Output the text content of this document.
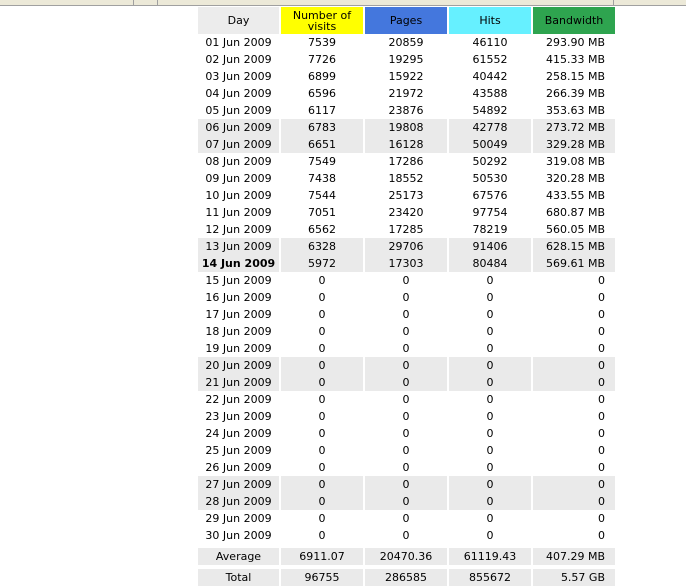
Day	Number of visits	Pages	Hits	Bandwidth
01 Jun 2009	7539	20859	46110	293.90 MB
02 Jun 2009	7726	19295	61552	415.33 MB
03 Jun 2009	6899	15922	40442	258.15 MB
04 Jun 2009	6596	21972	43588	266.39 MB
05 Jun 2009	6117	23876	54892	353.63 MB
06 Jun 2009	6783	19808	42778	273.72 MB
07 Jun 2009	6651	16128	50049	329.28 MB
08 Jun 2009	7549	17286	50292	319.08 MB
09 Jun 2009	7438	18552	50530	320.28 MB
10 Jun 2009	7544	25173	67576	433.55 MB
11 Jun 2009	7051	23420	97754	680.87 MB
12 Jun 2009	6562	17285	78219	560.05 MB
13 Jun 2009	6328	29706	91406	628.15 MB
14 Jun 2009	5972	17303	80484	569.61 MB
15 Jun 2009	0	0	0	0
16 Jun 2009	0	0	0	0
17 Jun 2009	0	0	0	0
18 Jun 2009	0	0	0	0
19 Jun 2009	0	0	0	0
20 Jun 2009	0	0	0	0
21 Jun 2009	0	0	0	0
22 Jun 2009	0	0	0	0
23 Jun 2009	0	0	0	0
24 Jun 2009	0	0	0	0
25 Jun 2009	0	0	0	0
26 Jun 2009	0	0	0	0
27 Jun 2009	0	0	0	0
28 Jun 2009	0	0	0	0
29 Jun 2009	0	0	0	0
30 Jun 2009	0	0	0	0

Average	6911.07	20470.36	61119.43	407.29 MB

Total	96755	286585	855672	5.57 GB
